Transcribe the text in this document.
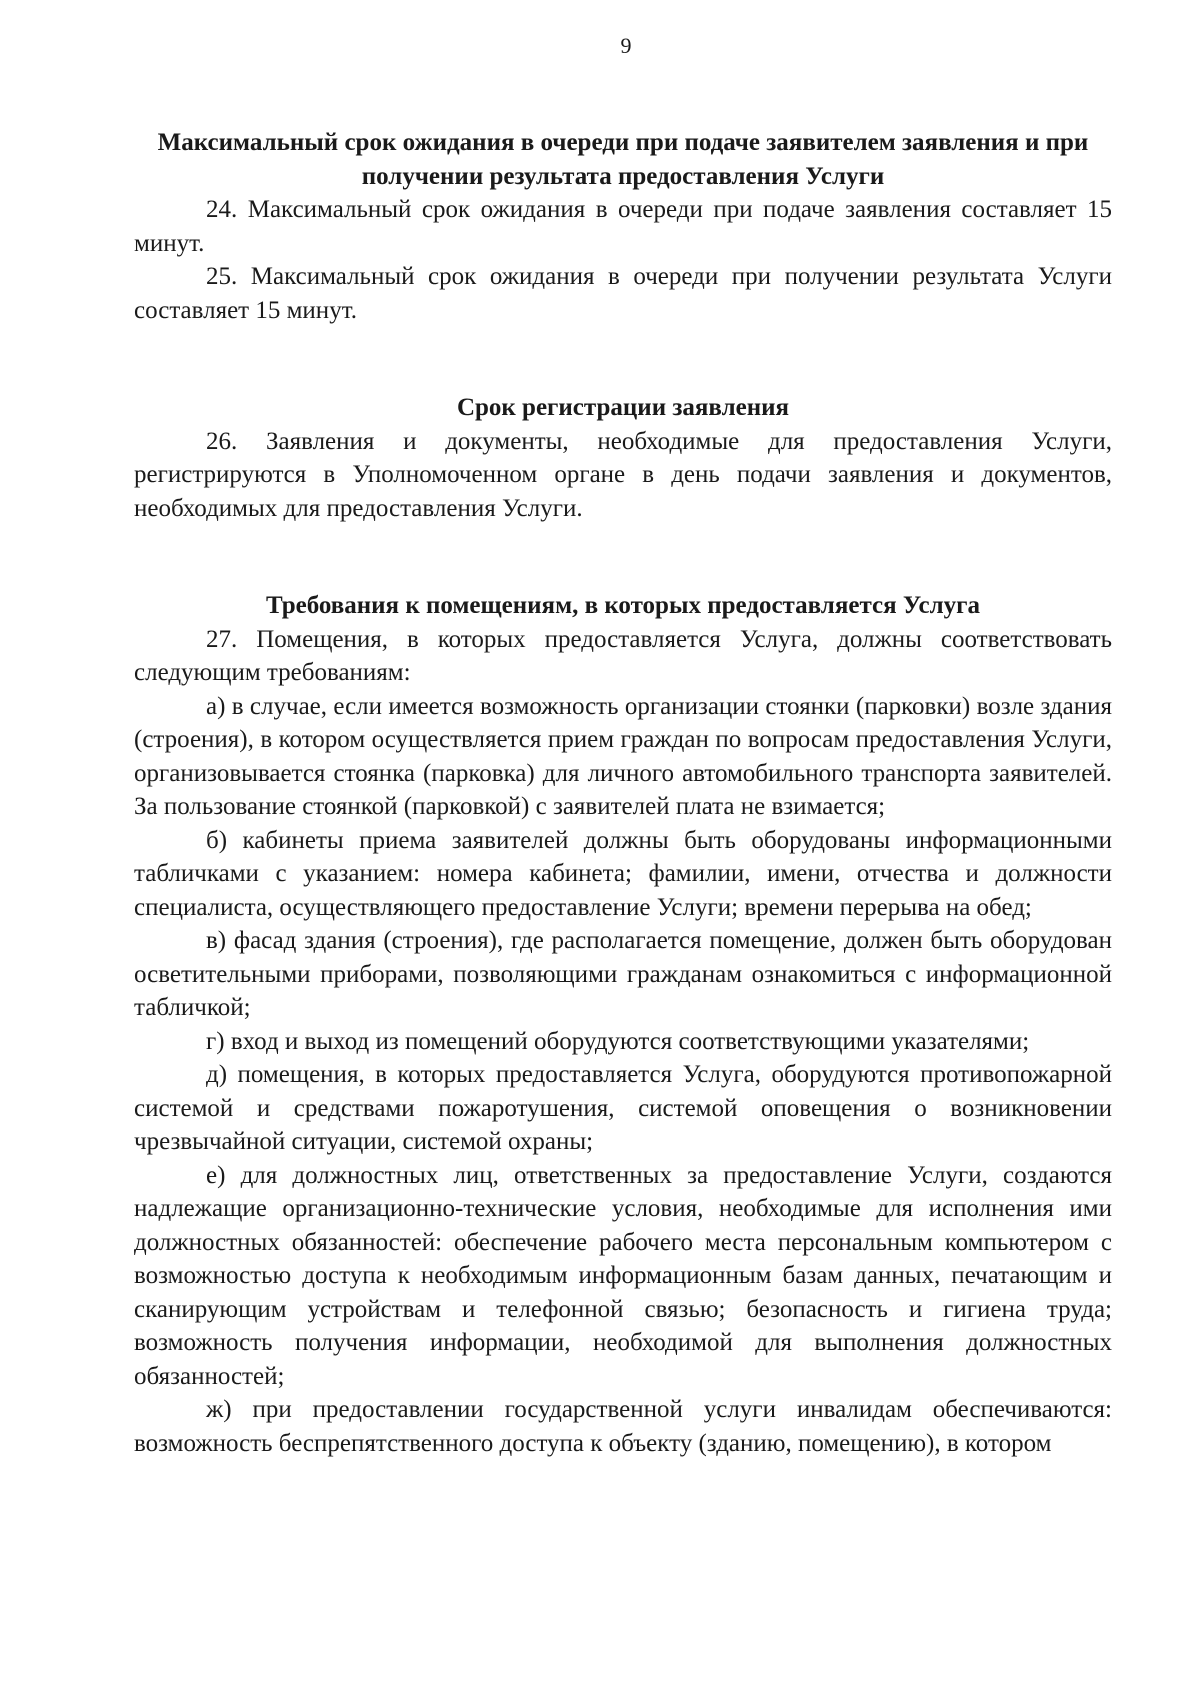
9
Максимальный срок ожидания в очереди при подаче заявителем заявления и при получении результата предоставления Услуги

24. Максимальный срок ожидания в очереди при подаче заявления составляет 15 минут.

25. Максимальный срок ожидания в очереди при получении результата Услуги составляет 15 минут.

Срок регистрации заявления

26. Заявления и документы, необходимые для предоставления Услуги, регистрируются в Уполномоченном органе в день подачи заявления и документов, необходимых для предоставления Услуги.

Требования к помещениям, в которых предоставляется Услуга

27. Помещения, в которых предоставляется Услуга, должны соответствовать следующим требованиям:

а) в случае, если имеется возможность организации стоянки (парковки) возле здания (строения), в котором осуществляется прием граждан по вопросам предоставления Услуги, организовывается стоянка (парковка) для личного автомобильного транспорта заявителей. За пользование стоянкой (парковкой) с заявителей плата не взимается;

б) кабинеты приема заявителей должны быть оборудованы информационными табличками с указанием: номера кабинета; фамилии, имени, отчества и должности специалиста, осуществляющего предоставление Услуги; времени перерыва на обед;

в) фасад здания (строения), где располагается помещение, должен быть оборудован осветительными приборами, позволяющими гражданам ознакомиться с информационной табличкой;

г) вход и выход из помещений оборудуются соответствующими указателями;

д) помещения, в которых предоставляется Услуга, оборудуются противопожарной системой и средствами пожаротушения, системой оповещения о возникновении чрезвычайной ситуации, системой охраны;

е) для должностных лиц, ответственных за предоставление Услуги, создаются надлежащие организационно-технические условия, необходимые для исполнения ими должностных обязанностей: обеспечение рабочего места персональным компьютером с возможностью доступа к необходимым информационным базам данных, печатающим и сканирующим устройствам и телефонной связью; безопасность и гигиена труда; возможность получения информации, необходимой для выполнения должностных обязанностей;

ж) при предоставлении государственной услуги инвалидам обеспечиваются: возможность беспрепятственного доступа к объекту (зданию, помещению), в котором
